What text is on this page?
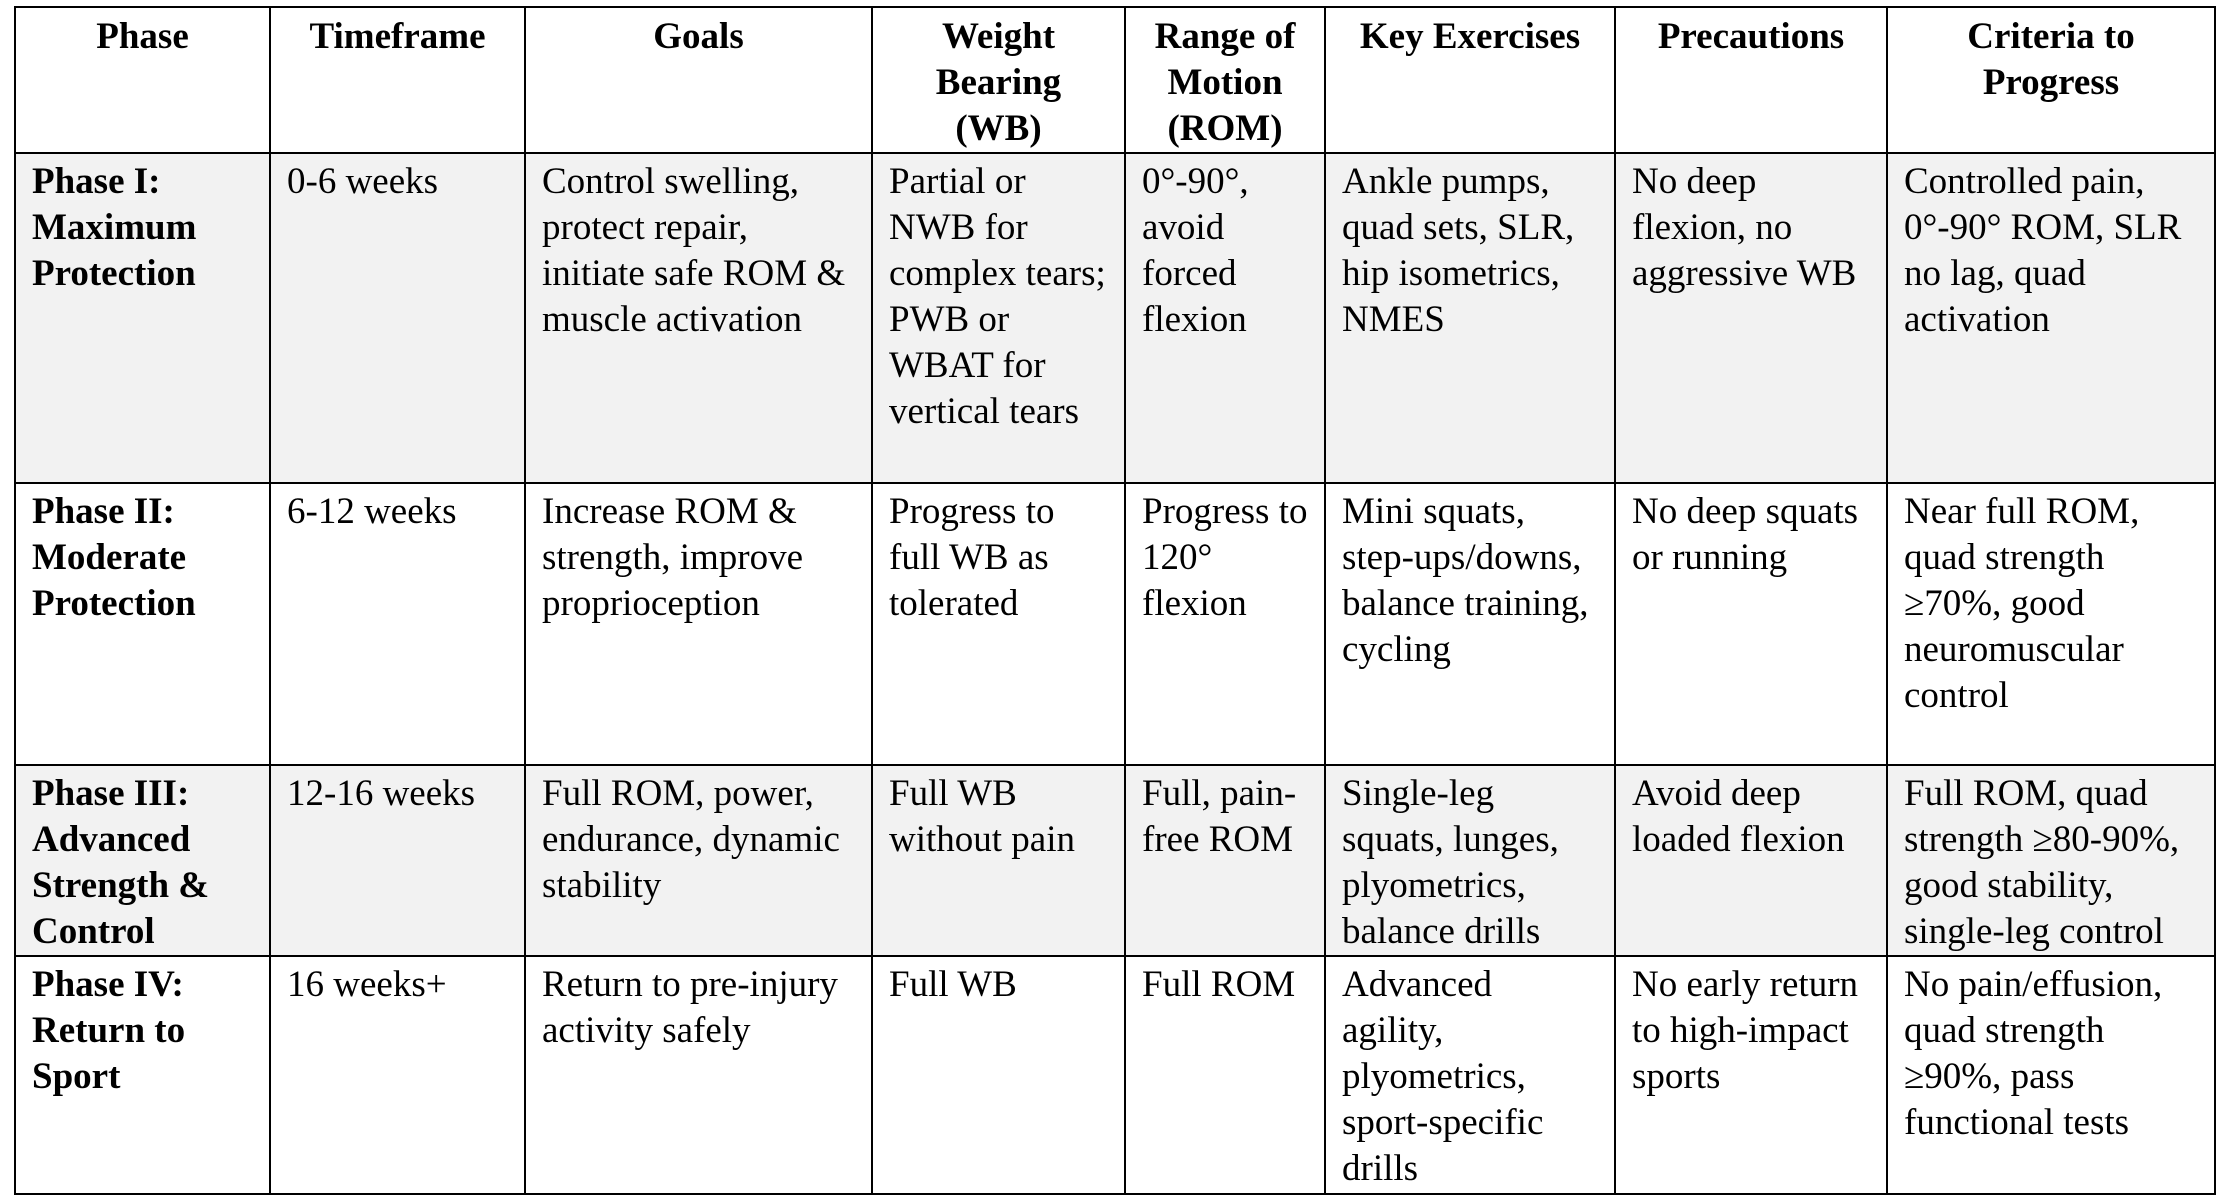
Phase	Timeframe	Goals	Weight Bearing (WB)	Range of Motion (ROM)	Key Exercises	Precautions	Criteria to Progress
Phase I: Maximum Protection	0-6 weeks	Control swelling, protect repair, initiate safe ROM & muscle activation	Partial or NWB for complex tears; PWB or WBAT for vertical tears	0°-90°, avoid forced flexion	Ankle pumps, quad sets, SLR, hip isometrics, NMES	No deep flexion, no aggressive WB	Controlled pain, 0°-90° ROM, SLR no lag, quad activation
Phase II: Moderate Protection	6-12 weeks	Increase ROM & strength, improve proprioception	Progress to full WB as tolerated	Progress to 120° flexion	Mini squats, step-ups/downs, balance training, cycling	No deep squats or running	Near full ROM, quad strength ≥70%, good neuromuscular control
Phase III: Advanced Strength & Control	12-16 weeks	Full ROM, power, endurance, dynamic stability	Full WB without pain	Full, pain-free ROM	Single-leg squats, lunges, plyometrics, balance drills	Avoid deep loaded flexion	Full ROM, quad strength ≥80-90%, good stability, single-leg control
Phase IV: Return to Sport	16 weeks+	Return to pre-injury activity safely	Full WB	Full ROM	Advanced agility, plyometrics, sport-specific drills	No early return to high-impact sports	No pain/effusion, quad strength ≥90%, pass functional tests
